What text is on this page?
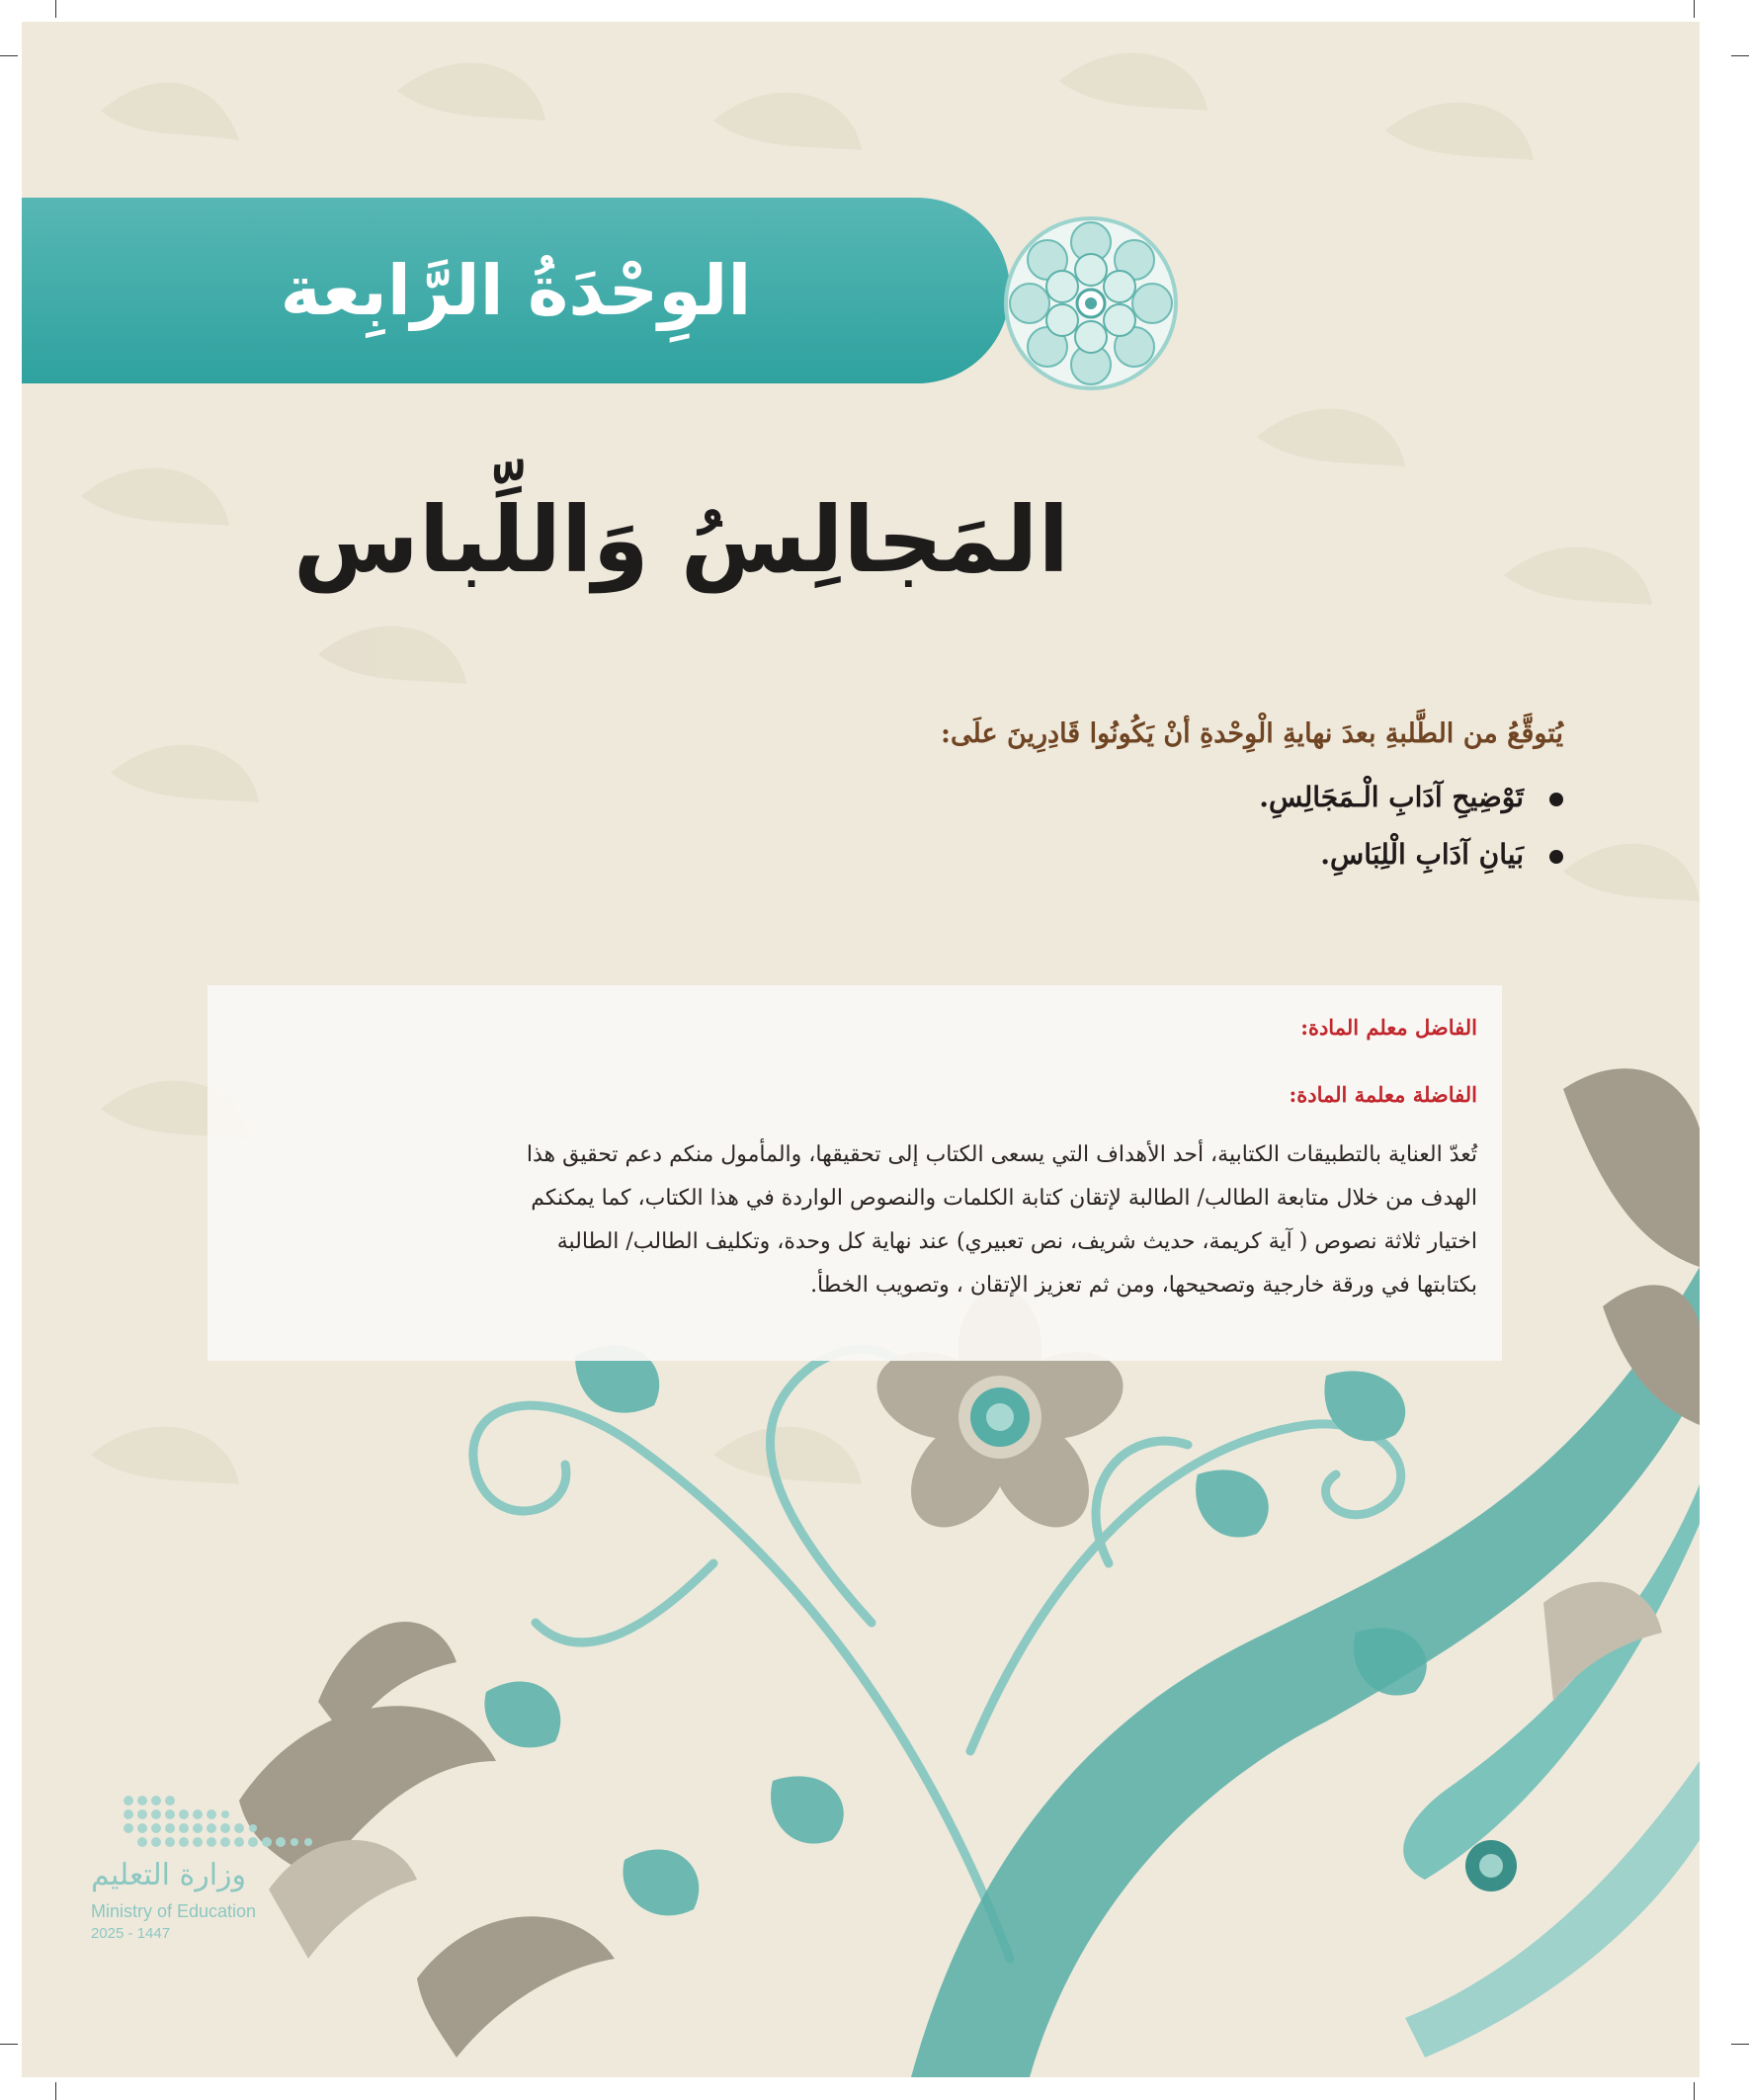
الوِحْدَةُ الرَّابِعة
المَجالِسُ وَاللِّباس

يُتوقَّعُ من الطَّلبةِ بعدَ نهايةِ الْوِحْدةِ أنْ يَكُونُوا قَادِرِينَ علَى:

تَوْضِيحِ آدَابِ الْـمَجَالِسِ.
بَيانِ آدَابِ الْلِبَاسِ.

الفاضل معلم المادة:

الفاضلة معلمة المادة:

تُعدّ العناية بالتطبيقات الكتابية، أحد الأهداف التي يسعى الكتاب إلى تحقيقها، والمأمول منكم دعم تحقيق هذا
الهدف من خلال متابعة الطالب/ الطالبة لإتقان كتابة الكلمات والنصوص الواردة في هذا الكتاب، كما يمكنكم
اختيار ثلاثة نصوص ( آية كريمة، حديث شريف، نص تعبيري) عند نهاية كل وحدة، وتكليف الطالب/ الطالبة
بكتابتها في ورقة خارجية وتصحيحها، ومن ثم تعزيز الإتقان ، وتصويب الخطأ.
وزارة التعليم
Ministry of Education
2025 - 1447
